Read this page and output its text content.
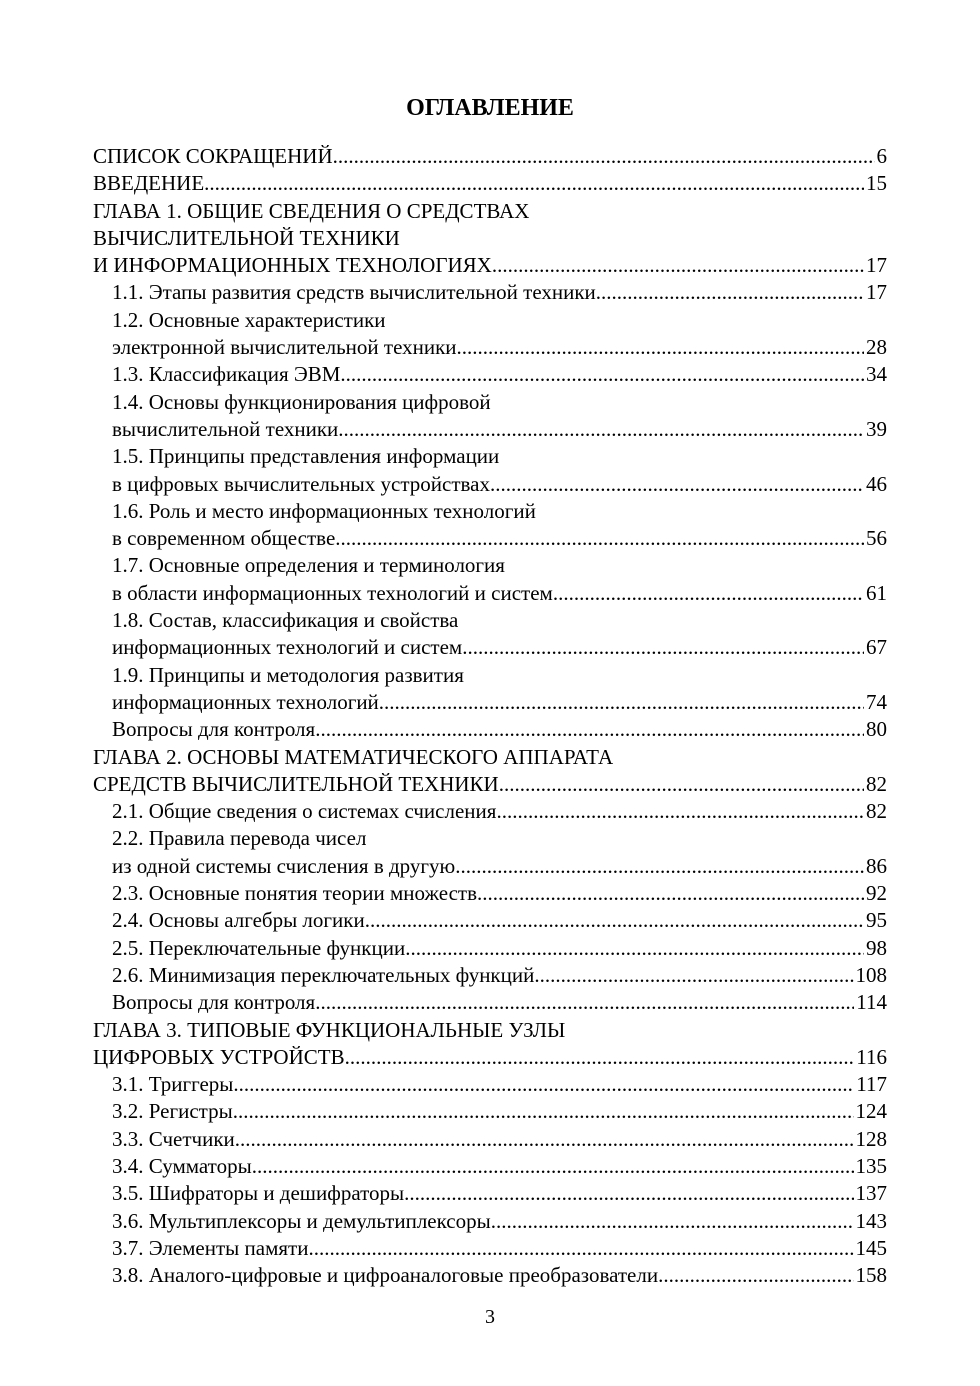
ОГЛАВЛЕНИЕ
СПИСОК СОКРАЩЕНИЙ .....	6
ВВЕДЕНИЕ .....	15
ГЛАВА 1. ОБЩИЕ СВЕДЕНИЯ О СРЕДСТВАХ
ВЫЧИСЛИТЕЛЬНОЙ ТЕХНИКИ
И ИНФОРМАЦИОННЫХ ТЕХНОЛОГИЯХ .....	17
1.1. Этапы развития средств вычислительной техники .....	17
1.2. Основные характеристики
электронной вычислительной техники .....	28
1.3. Классификация ЭВМ .....	34
1.4. Основы функционирования цифровой
вычислительной техники .....	39
1.5. Принципы представления информации
в цифровых вычислительных устройствах .....	46
1.6. Роль и место информационных технологий
в современном обществе .....	56
1.7. Основные определения и терминология
в области информационных технологий и систем .....	61
1.8. Состав, классификация и свойства
информационных технологий и систем .....	67
1.9. Принципы и методология развития
информационных технологий .....	74
Вопросы для контроля .....	80
ГЛАВА 2. ОСНОВЫ МАТЕМАТИЧЕСКОГО АППАРАТА
СРЕДСТВ ВЫЧИСЛИТЕЛЬНОЙ ТЕХНИКИ .....	82
2.1. Общие сведения о системах счисления .....	82
2.2. Правила перевода чисел
из одной системы счисления в другую .....	86
2.3. Основные понятия теории множеств .....	92
2.4. Основы алгебры логики .....	95
2.5. Переключательные функции .....	98
2.6. Минимизация переключательных функций .....	108
Вопросы для контроля .....	114
ГЛАВА 3. ТИПОВЫЕ ФУНКЦИОНАЛЬНЫЕ УЗЛЫ
ЦИФРОВЫХ УСТРОЙСТВ .....	116
3.1. Триггеры .....	117
3.2. Регистры .....	124
3.3. Счетчики .....	128
3.4. Сумматоры .....	135
3.5. Шифраторы и дешифраторы .....	137
3.6. Мультиплексоры и демультиплексоры .....	143
3.7. Элементы памяти .....	145
3.8. Аналого-цифровые и цифроаналоговые преобразователи .....	158
3
